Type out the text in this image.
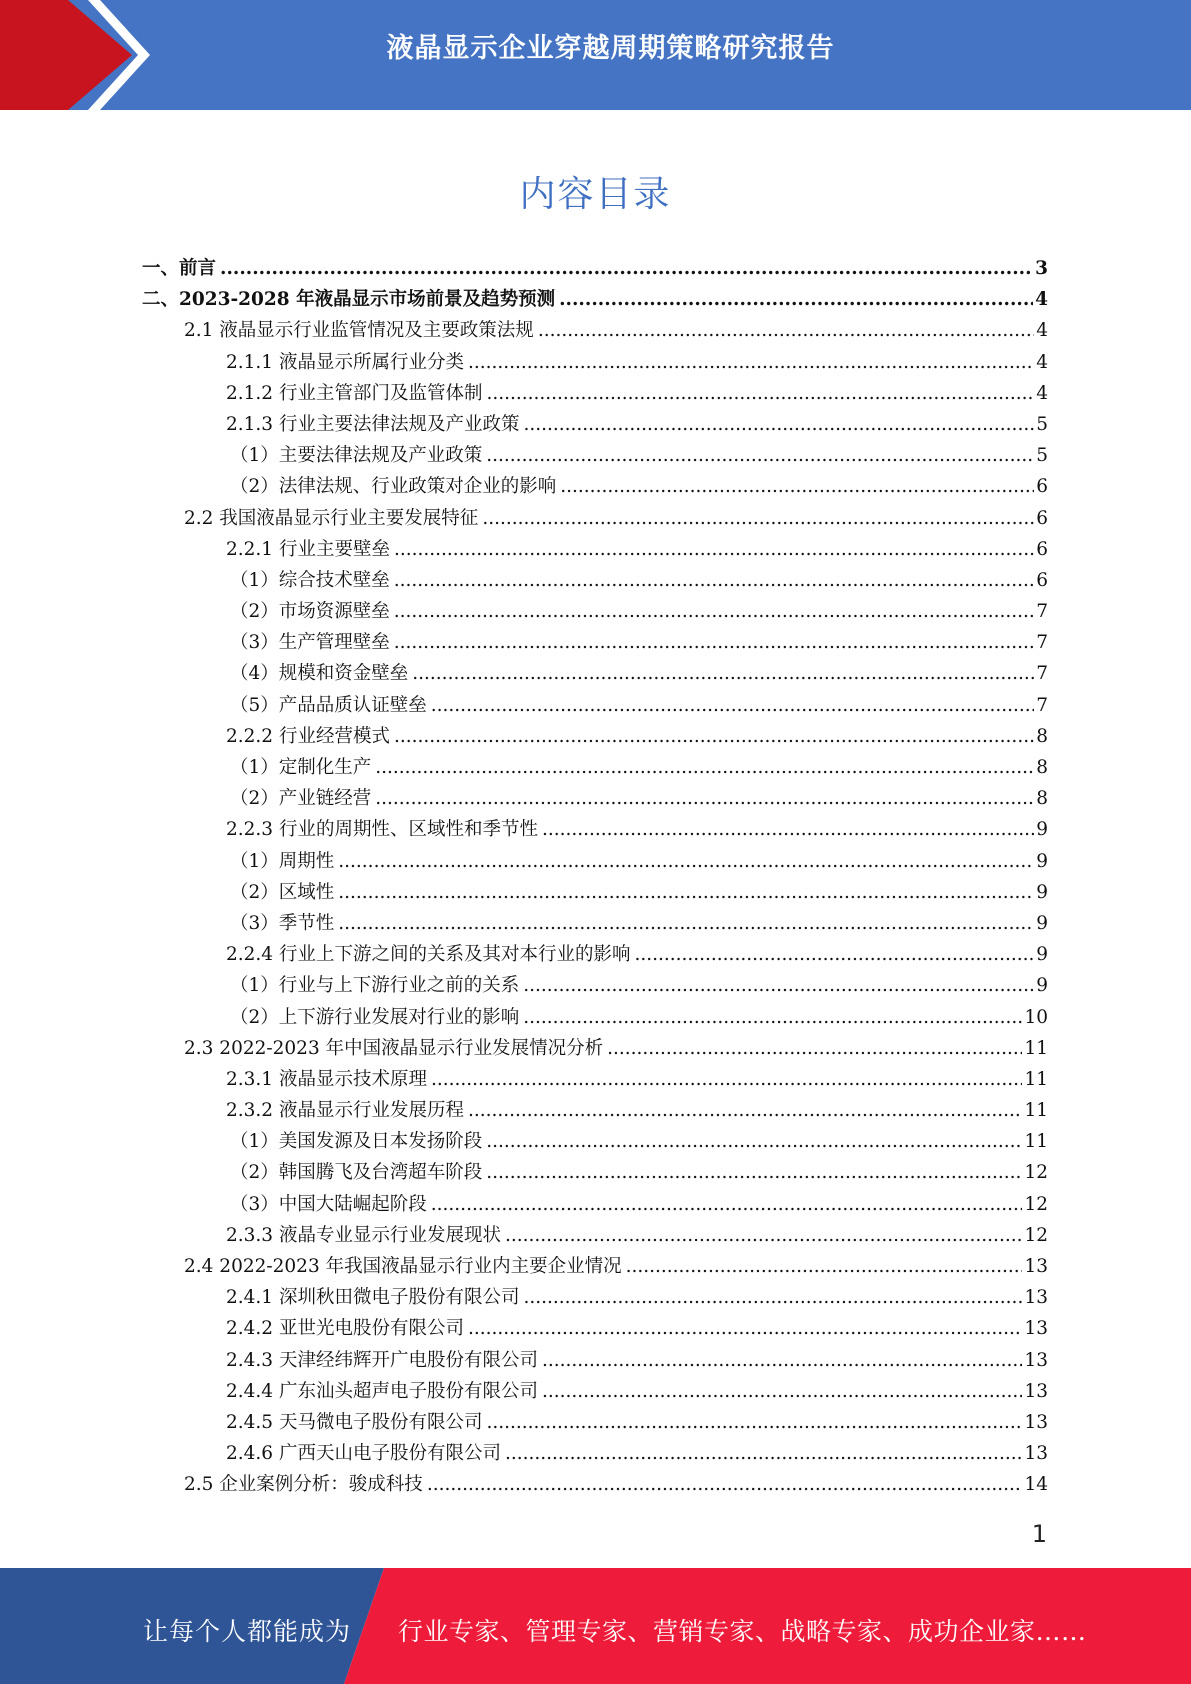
液晶显示企业穿越周期策略研究报告
内容目录
一、前言 .....	3
二、2023-2028 年液晶显示市场前景及趋势预测 .....	4
2.1 液晶显示行业监管情况及主要政策法规 .....	4
2.1.1 液晶显示所属行业分类 .....	4
2.1.2 行业主管部门及监管体制 .....	4
2.1.3 行业主要法律法规及产业政策 .....	5
（1）主要法律法规及产业政策 .....	5
（2）法律法规、行业政策对企业的影响 .....	6
2.2 我国液晶显示行业主要发展特征 .....	6
2.2.1 行业主要壁垒 .....	6
（1）综合技术壁垒 .....	6
（2）市场资源壁垒 .....	7
（3）生产管理壁垒 .....	7
（4）规模和资金壁垒 .....	7
（5）产品品质认证壁垒 .....	7
2.2.2 行业经营模式 .....	8
（1）定制化生产 .....	8
（2）产业链经营 .....	8
2.2.3 行业的周期性、区域性和季节性 .....	9
（1）周期性 .....	9
（2）区域性 .....	9
（3）季节性 .....	9
2.2.4 行业上下游之间的关系及其对本行业的影响 .....	9
（1）行业与上下游行业之前的关系 .....	9
（2）上下游行业发展对行业的影响 .....	10
2.3 2022-2023 年中国液晶显示行业发展情况分析 .....	11
2.3.1 液晶显示技术原理 .....	11
2.3.2 液晶显示行业发展历程 .....	11
（1）美国发源及日本发扬阶段 .....	11
（2）韩国腾飞及台湾超车阶段 .....	12
（3）中国大陆崛起阶段 .....	12
2.3.3 液晶专业显示行业发展现状 .....	12
2.4 2022-2023 年我国液晶显示行业内主要企业情况 .....	13
2.4.1 深圳秋田微电子股份有限公司 .....	13
2.4.2 亚世光电股份有限公司 .....	13
2.4.3 天津经纬辉开广电股份有限公司 .....	13
2.4.4 广东汕头超声电子股份有限公司 .....	13
2.4.5 天马微电子股份有限公司 .....	13
2.4.6 广西天山电子股份有限公司 .....	13
2.5 企业案例分析：骏成科技 .....	14
1
让每个人都能成为 行业专家、管理专家、营销专家、战略专家、成功企业家……
